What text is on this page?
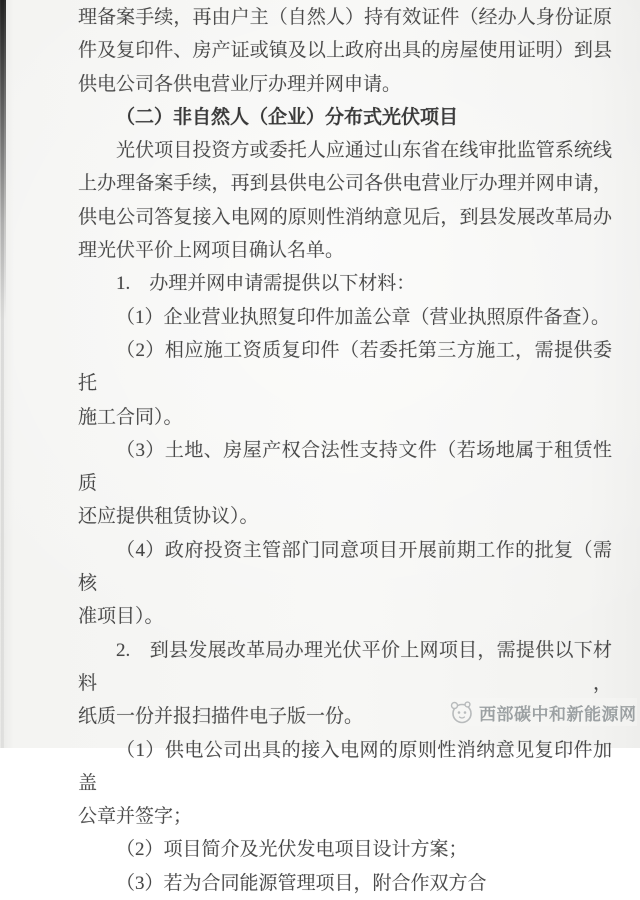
理备案手续，再由户主（自然人）持有效证件（经办人身份证原
件及复印件、房产证或镇及以上政府出具的房屋使用证明）到县
供电公司各供电营业厅办理并网申请。
（二）非自然人（企业）分布式光伏项目
光伏项目投资方或委托人应通过山东省在线审批监管系统线
上办理备案手续，再到县供电公司各供电营业厅办理并网申请，
供电公司答复接入电网的原则性消纳意见后，到县发展改革局办
理光伏平价上网项目确认名单。
1.　办理并网申请需提供以下材料：
（1）企业营业执照复印件加盖公章（营业执照原件备查）。
（2）相应施工资质复印件（若委托第三方施工，需提供委托
施工合同）。
（3）土地、房屋产权合法性支持文件（若场地属于租赁性质
还应提供租赁协议）。
（4）政府投资主管部门同意项目开展前期工作的批复（需核
准项目）。
2.　到县发展改革局办理光伏平价上网项目，需提供以下材料，
纸质一份并报扫描件电子版一份。
（1）供电公司出具的接入电网的原则性消纳意见复印件加盖
公章并签字；
（2）项目简介及光伏发电项目设计方案；
（3）若为合同能源管理项目，附合作双方合
西部碳中和新能源网
